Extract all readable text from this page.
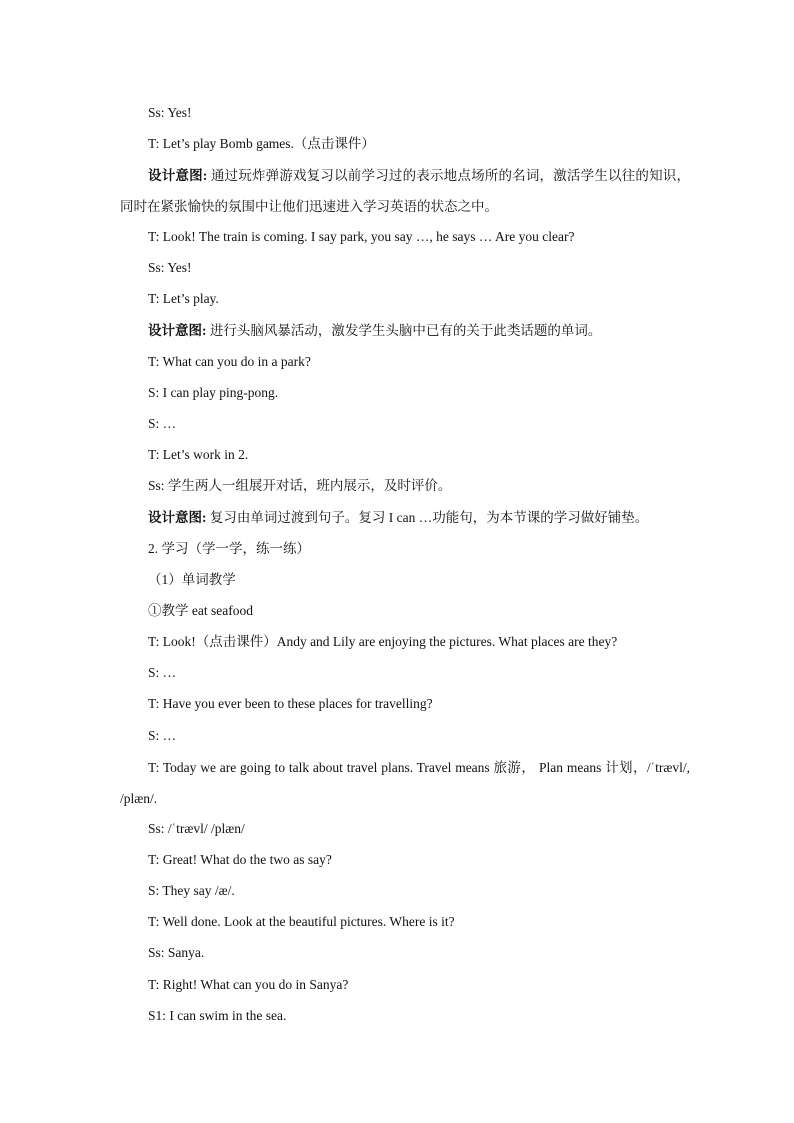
Ss: Yes!
T: Let’s play Bomb games.（点击课件）
设计意图: 通过玩炸弹游戏复习以前学习过的表示地点场所的名词，激活学生以往的知识，同时在紧张愉快的氛围中让他们迅速进入学习英语的状态之中。
T: Look! The train is coming. I say park, you say …, he says … Are you clear?
Ss: Yes!
T: Let’s play.
设计意图: 进行头脑风暴活动，激发学生头脑中已有的关于此类话题的单词。
T: What can you do in a park?
S: I can play ping-pong.
S: …
T: Let’s work in 2.
Ss: 学生两人一组展开对话，班内展示，及时评价。
设计意图: 复习由单词过渡到句子。复习 I can …功能句，为本节课的学习做好铺垫。
2. 学习（学一学，练一练）
（1）单词教学
①教学 eat seafood
T: Look!（点击课件）Andy and Lily are enjoying the pictures. What places are they?
S: …
T: Have you ever been to these places for travelling?
S: …
T: Today we are going to talk about travel plans. Travel means 旅游， Plan means 计划，/ˈtrævl/, /plæn/.
Ss: /ˈtrævl/ /plæn/
T: Great! What do the two as say?
S: They say /æ/.
T: Well done. Look at the beautiful pictures. Where is it?
Ss: Sanya.
T: Right! What can you do in Sanya?
S1: I can swim in the sea.
